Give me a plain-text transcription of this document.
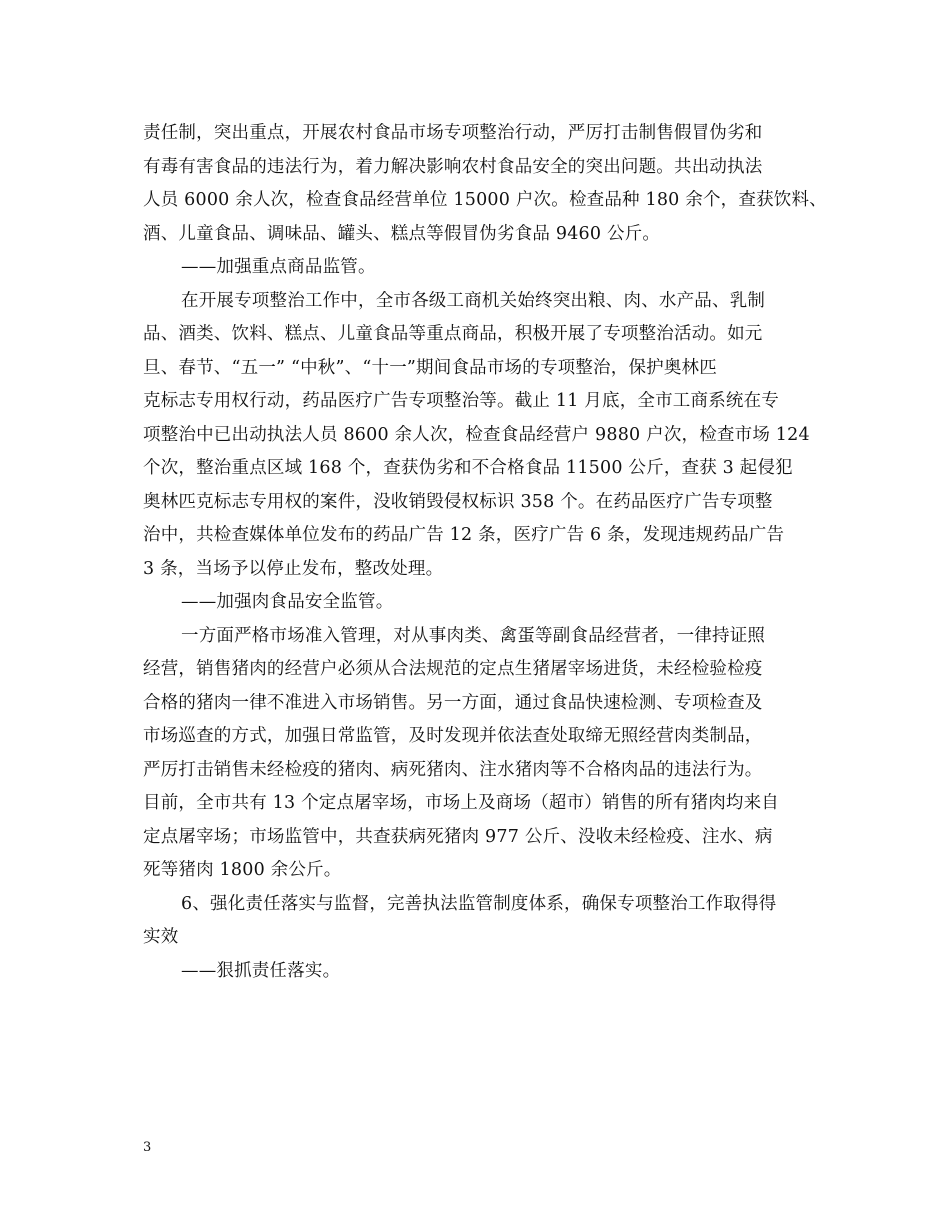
责任制，突出重点，开展农村食品市场专项整治行动，严厉打击制售假冒伪劣和
有毒有害食品的违法行为，着力解决影响农村食品安全的突出问题。共出动执法
人员 6000 余人次，检查食品经营单位 15000 户次。检查品种 180 余个，查获饮料、
酒、儿童食品、调味品、罐头、糕点等假冒伪劣食品 9460 公斤。
——加强重点商品监管。
在开展专项整治工作中，全市各级工商机关始终突出粮、肉、水产品、乳制
品、酒类、饮料、糕点、儿童食品等重点商品，积极开展了专项整治活动。如元
旦、春节、“五一” “中秋”、“十一”期间食品市场的专项整治，保护奥林匹
克标志专用权行动，药品医疗广告专项整治等。截止 11 月底，全市工商系统在专
项整治中已出动执法人员 8600 余人次，检查食品经营户 9880 户次，检查市场 124
个次，整治重点区域 168 个，查获伪劣和不合格食品 11500 公斤，查获 3 起侵犯
奥林匹克标志专用权的案件，没收销毁侵权标识 358 个。在药品医疗广告专项整
治中，共检查媒体单位发布的药品广告 12 条，医疗广告 6 条，发现违规药品广告
3 条，当场予以停止发布，整改处理。
——加强肉食品安全监管。
一方面严格市场准入管理，对从事肉类、禽蛋等副食品经营者，一律持证照
经营，销售猪肉的经营户必须从合法规范的定点生猪屠宰场进货，未经检验检疫
合格的猪肉一律不准进入市场销售。另一方面，通过食品快速检测、专项检查及
市场巡查的方式，加强日常监管，及时发现并依法查处取缔无照经营肉类制品，
严厉打击销售未经检疫的猪肉、病死猪肉、注水猪肉等不合格肉品的违法行为。
目前，全市共有 13 个定点屠宰场，市场上及商场（超市）销售的所有猪肉均来自
定点屠宰场；市场监管中，共查获病死猪肉 977 公斤、没收未经检疫、注水、病
死等猪肉 1800 余公斤。
6、强化责任落实与监督，完善执法监管制度体系，确保专项整治工作取得得
实效
——狠抓责任落实。
3
